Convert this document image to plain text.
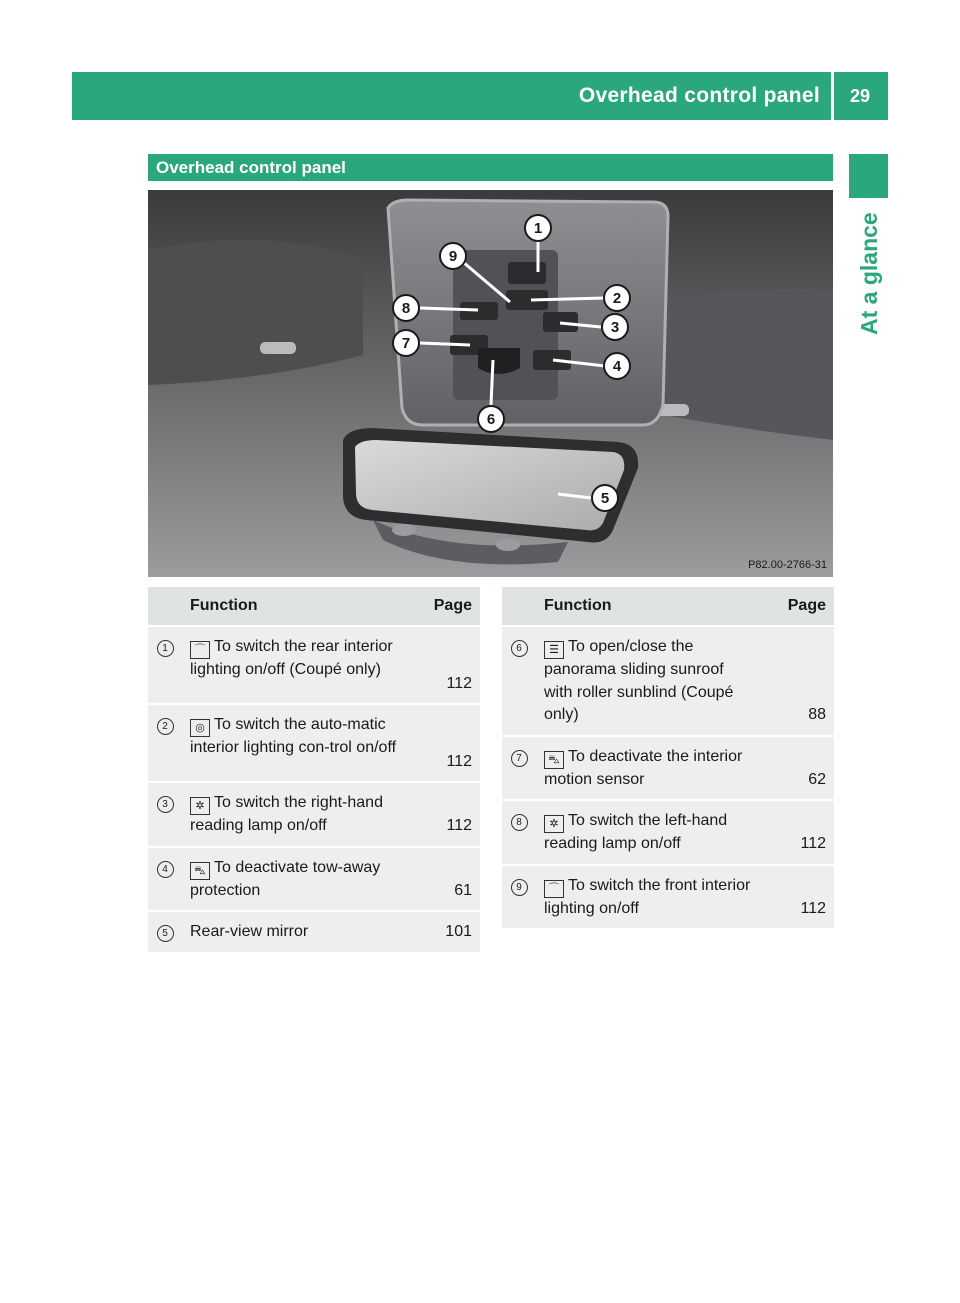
Overhead control panel 29
At a glance
Overhead control panel
1
2
3
4
5
6
7
8
9
P82.00-2766-31
	Function	Page
1	⌒ To switch the rear interior lighting on/off (Coupé only)	112
2	◎ To switch the auto-matic interior lighting con-trol on/off	112
3	✲ To switch the right-hand reading lamp on/off	112
4	⛍ To deactivate tow-away protection	61
5	Rear-view mirror	101
	Function	Page
6	☰ To open/close the panorama sliding sunroof with roller sunblind (Coupé only)	88
7	⛍ To deactivate the interior motion sensor	62
8	✲ To switch the left-hand reading lamp on/off	112
9	⌒ To switch the front interior lighting on/off	112
